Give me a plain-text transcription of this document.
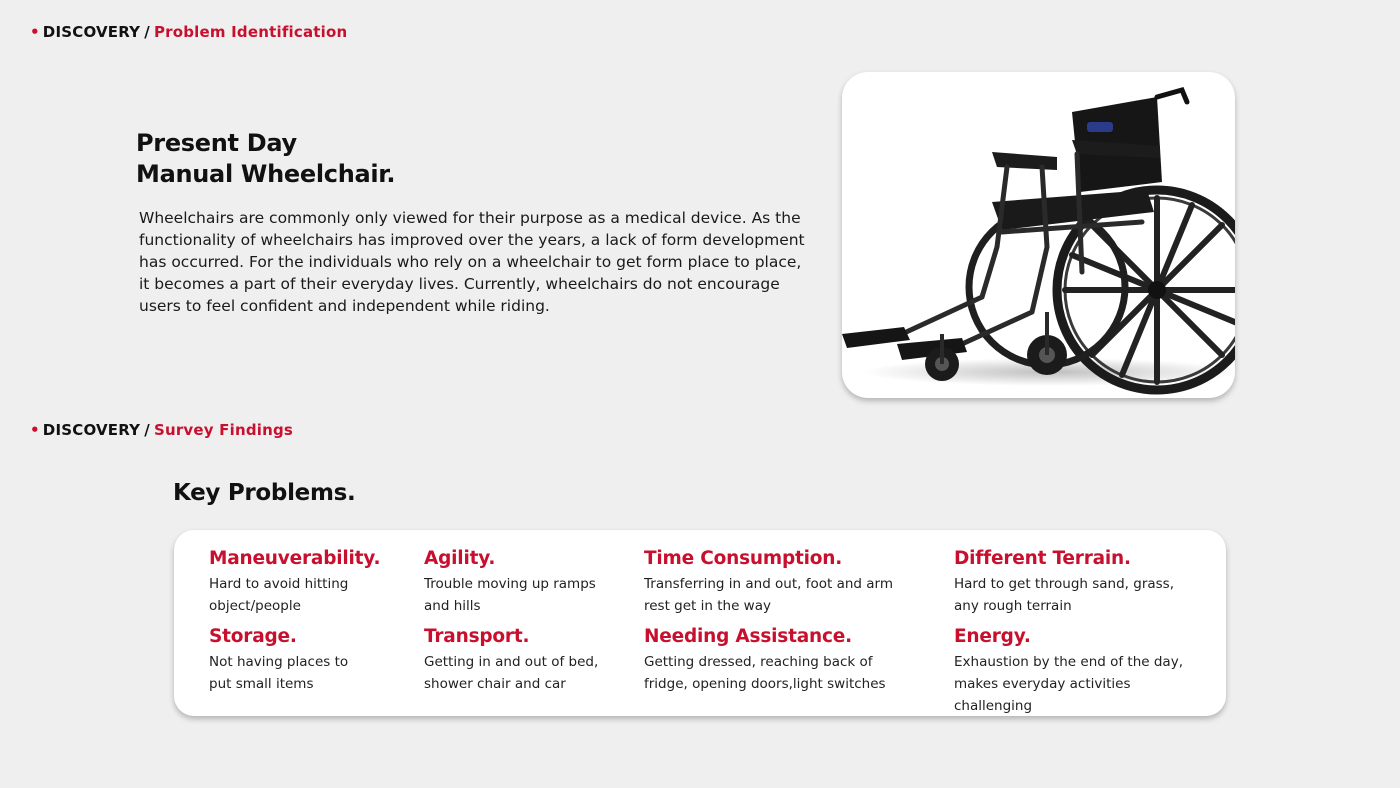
• DISCOVERY / Problem Identification
Present Day
Manual Wheelchair.

Wheelchairs are commonly only viewed for their purpose as a medical device. As the functionality of wheelchairs has improved over the years, a lack of form development has occurred. For the individuals who rely on a wheelchair to get form place to place, it becomes a part of their everyday lives. Currently, wheelchairs do not encourage users to feel confident and independent while riding.

• DISCOVERY / Survey Findings
Key Problems.
Maneuverability.
Hard to avoid hitting object/people
Agility.
Trouble moving up ramps and hills
Time Consumption.
Transferring in and out, foot and arm rest get in the way
Different Terrain.
Hard to get through sand, grass, any rough terrain
Storage.
Not having places to put small items
Transport.
Getting in and out of bed, shower chair and car
Needing Assistance.
Getting dressed, reaching back of fridge, opening doors,light switches
Energy.
Exhaustion by the end of the day, makes everyday activities challenging
